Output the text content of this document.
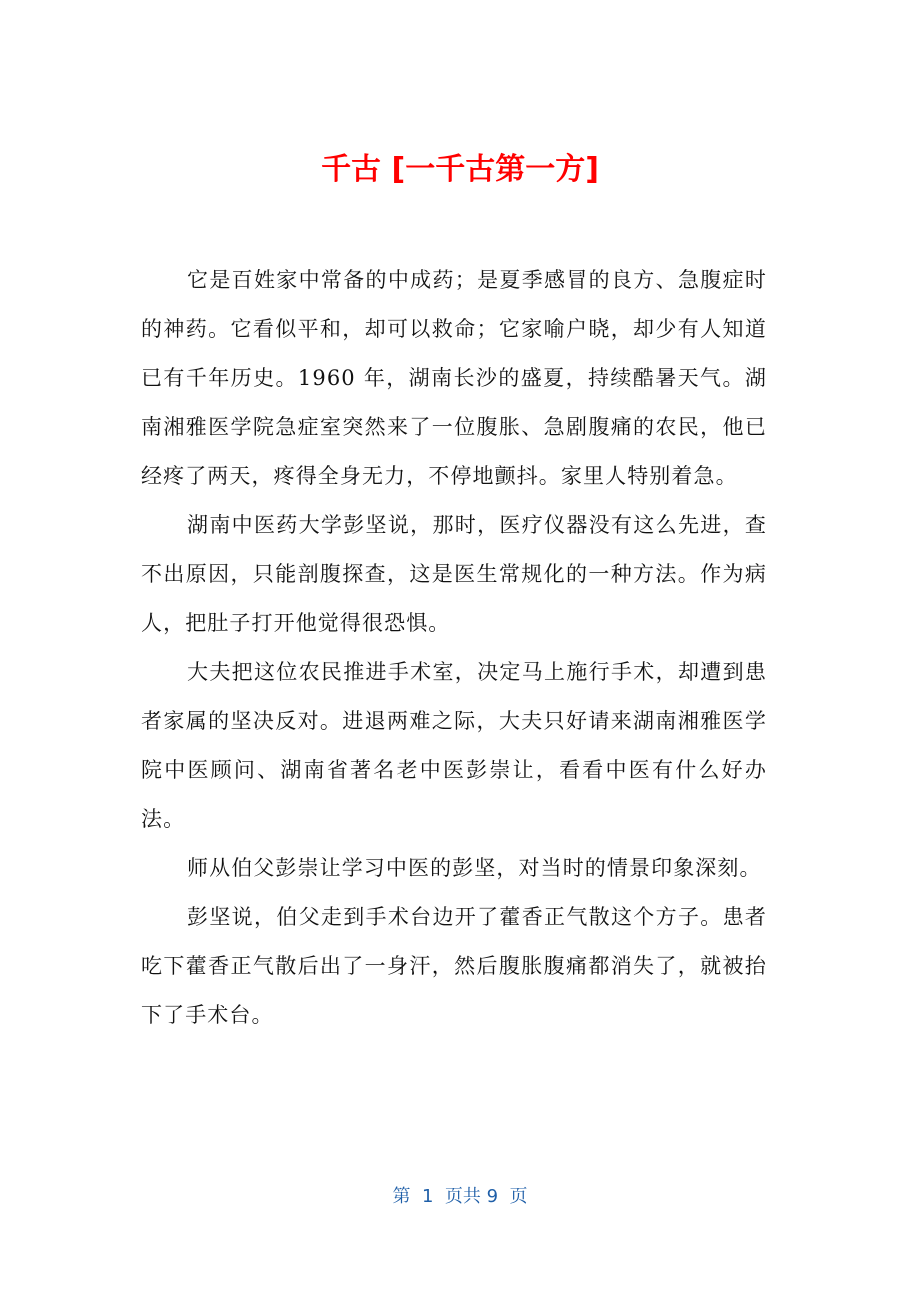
千古 [一千古第一方]

它是百姓家中常备的中成药；是夏季感冒的良方、急腹症时的神药。它看似平和，却可以救命；它家喻户晓，却少有人知道已有千年历史。1960 年，湖南长沙的盛夏，持续酷暑天气。湖南湘雅医学院急症室突然来了一位腹胀、急剧腹痛的农民，他已经疼了两天，疼得全身无力，不停地颤抖。家里人特别着急。

湖南中医药大学彭坚说，那时，医疗仪器没有这么先进，查不出原因，只能剖腹探查，这是医生常规化的一种方法。作为病人，把肚子打开他觉得很恐惧。

大夫把这位农民推进手术室，决定马上施行手术，却遭到患者家属的坚决反对。进退两难之际，大夫只好请来湖南湘雅医学院中医顾问、湖南省著名老中医彭崇让，看看中医有什么好办法。

师从伯父彭崇让学习中医的彭坚，对当时的情景印象深刻。

彭坚说，伯父走到手术台边开了藿香正气散这个方子。患者吃下藿香正气散后出了一身汗，然后腹胀腹痛都消失了，就被抬下了手术台。

第  1  页共 9  页
